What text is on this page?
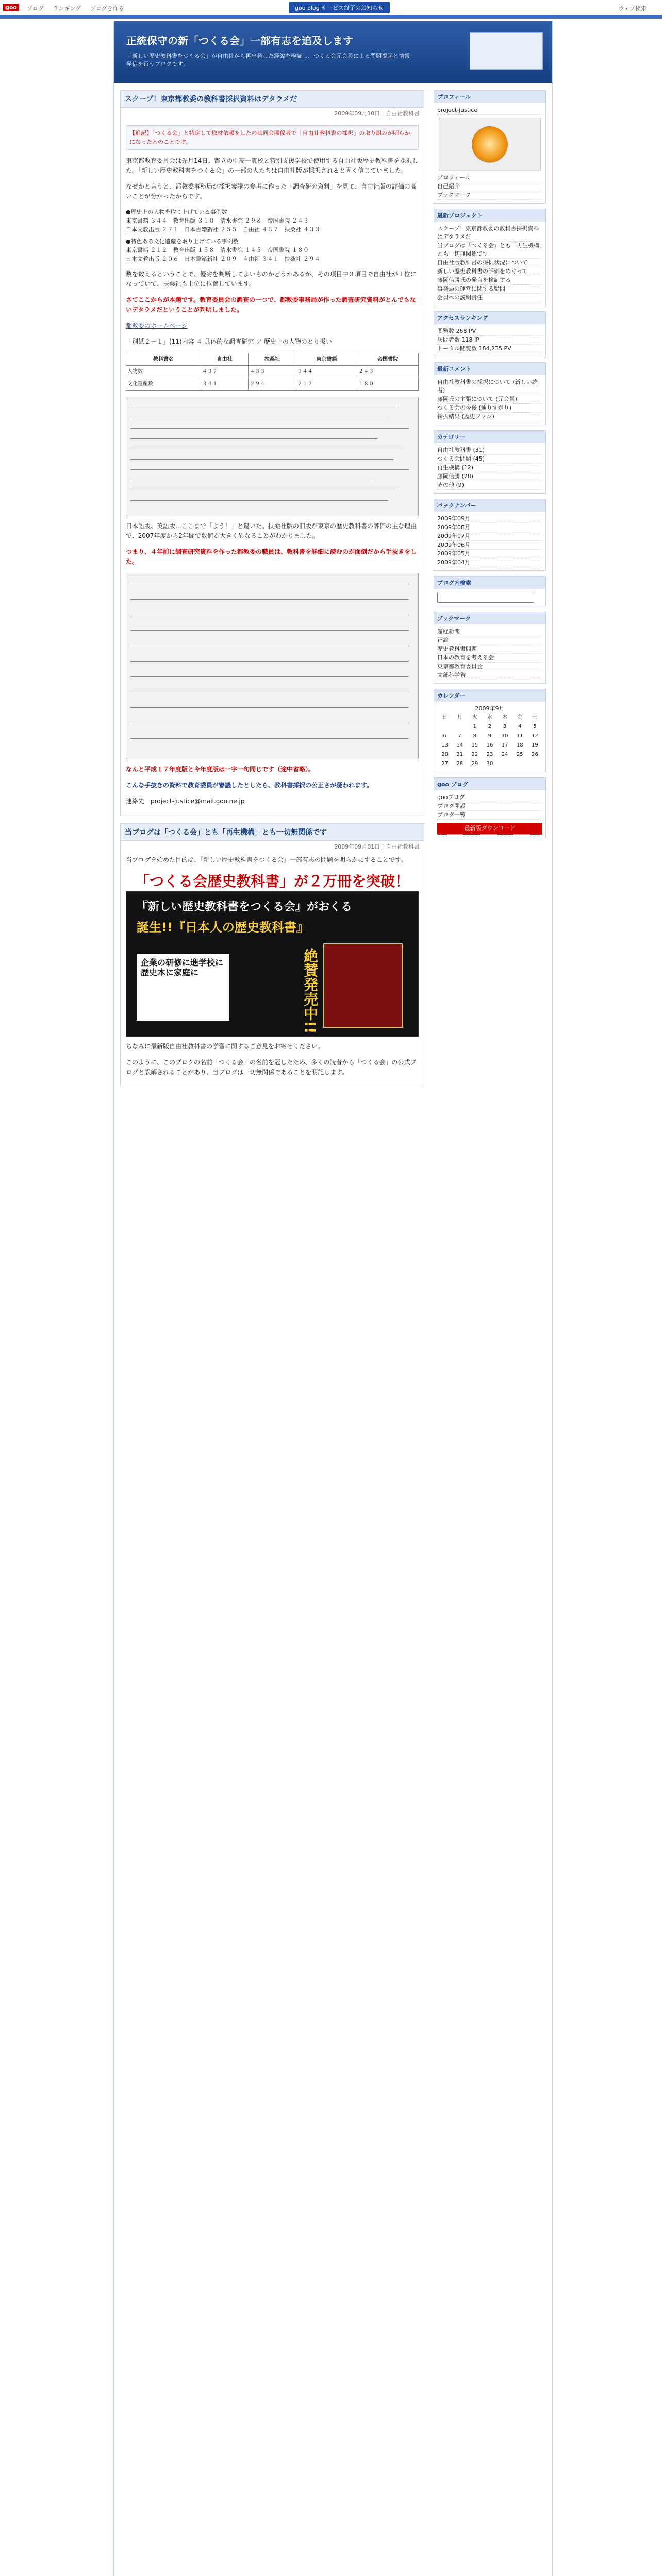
goo	ブログ ランキング ブログを作る	goo blog サービス終了のお知らせ	ウェブ検索
正統保守の新「つくる会」一部有志を追及します
「新しい歴史教科書をつくる会」が自由社から再出発した経緯を検証し、つくる会元会員による問題提起と情報発信を行うブログです。
スクープ！東京都教委の教科書採択資料はデタラメだ
2009年09月10日 | 自由社教科書
【追記】「つくる会」と特定して取材依頼をしたのは同会関係者で「自由社教科書の採択」の取り組みが明らかになったとのことです。

東京都教育委員会は先月14日、都立の中高一貫校と特別支援学校で使用する自由社版歴史教科書を採択した。「新しい歴史教科書をつくる会」の一部の人たちは自由社版が採択されると固く信じていました。

なぜかと言うと、都教委事務局が採択審議の参考に作った「調査研究資料」を見て、自由社版の評価の高いことが分かったからです。

●歴史上の人物を取り上げている事例数
東京書籍 ３４４　教育出版 ３１０　清水書院 ２９８　帝国書院 ２４３
日本文教出版 ２７１　日本書籍新社 ２５５　自由社 ４３７　扶桑社 ４３３
●特色ある文化遺産を取り上げている事例数
東京書籍 ２１２　教育出版 １５８　清水書院 １４５　帝国書院 １８０
日本文教出版 ２０６　日本書籍新社 ２０９　自由社 ３４１　扶桑社 ２９４

数を数えるということで、優劣を判断してよいものかどうかあるが、その項目中３項目で自由社が１位になっていて、扶桑社も上位に位置しています。

さてここからが本題です。教育委員会の調査の一つで、都教委事務局が作った調査研究資料がとんでもないデタラメだということが判明しました。

都教委のホームページ

「別紙２－１」(11)内容 ４ 具体的な調査研究 ア 歴史上の人物のとり扱い

教科書名	自由社	扶桑社	東京書籍	帝国書院
人物数	４３７	４３３	３４４	２４３
文化遺産数	３４１	２９４	２１２	１８０

日本語版、英語版…ここまで「よう！」と驚いた。扶桑社版の旧版が東京の歴史教科書の評価の主な理由で、2007年度から2年間で数値が大きく異なることがわかりました。

つまり、４年前に調査研究資料を作った都教委の職員は、教科書を詳細に読むのが面倒だから手抜きをした。

なんと平成１７年度版と今年度版は一字一句同じです（途中省略）。

こんな手抜きの資料で教育委員が審議したとしたら、教科書採択の公正さが疑われます。

連絡先　project-justice@mail.goo.ne.jp

当ブログは「つくる会」とも「再生機構」とも一切無関係です
2009年09月01日 | 自由社教科書

当ブログを始めた目的は、「新しい歴史教科書をつくる会」一部有志の問題を明らかにすることです。

「つくる会歴史教科書」が２万冊を突破！
『新しい歴史教科書をつくる会』がおくる
誕生!!『日本人の歴史教科書』
企業の研修に進学校に歴史本に家庭に	絶賛発売中!!

ちなみに最新版自由社教科書の学習に関するご意見をお寄せください。

このように、このブログの名前「つくる会」の名前を冠したため、多くの読者から「つくる会」の公式ブログと誤解されることがあり、当ブログは一切無関係であることを明記します。

プロフィール
project-justice
プロフィール
自己紹介
ブックマーク
最新プロジェクト
スクープ！東京都教委の教科書採択資料はデタラメだ
当ブログは「つくる会」とも「再生機構」とも一切無関係です
自由社版教科書の採択状況について
新しい歴史教科書の評価をめぐって
藤岡信勝氏の発言を検証する
事務局の運営に関する疑問
会員への説明責任
アクセスランキング
閲覧数 268 PV
訪問者数 118 IP
トータル閲覧数 184,235 PV
最新コメント
自由社教科書の採択について (新しい読者)
藤岡氏の主張について (元会員)
つくる会の今後 (通りすがり)
採択結果 (歴史ファン)
カテゴリー
自由社教科書 (31)
つくる会問題 (45)
再生機構 (12)
藤岡信勝 (28)
その他 (9)
バックナンバー
2009年09月
2009年08月
2009年07月
2009年06月
2009年05月
2009年04月
ブログ内検索
ブックマーク
産経新聞
正論
歴史教科書問題
日本の教育を考える会
東京都教育委員会
文部科学省
カレンダー
2009年9月
日	月	火	水	木	金	土
		1	2	3	4	5
6	7	8	9	10	11	12
13	14	15	16	17	18	19
20	21	22	23	24	25	26
27	28	29	30			
goo ブログ
gooブログ
ブログ開設
ブログ一覧
最新版ダウンロード
